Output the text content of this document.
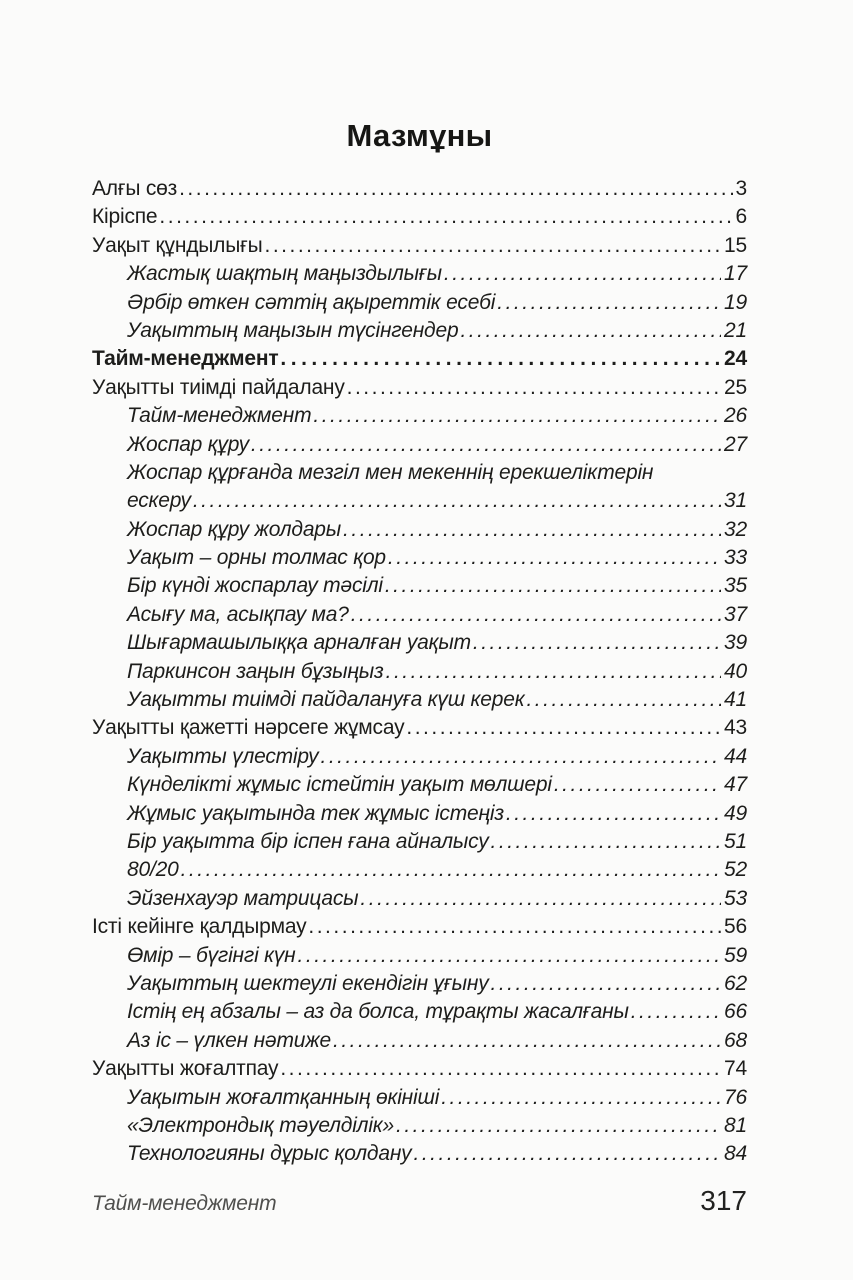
Мазмұны
Алғы сөз .....	3
Кіріспе .....	6
Уақыт құндылығы .....	15
Жастық шақтың маңыздылығы .....	17
Әрбір өткен сәттің ақыреттік есебі .....	19
Уақыттың маңызын түсінгендер .....	21
Тайм-менеджмент .....	24
Уақытты тиімді пайдалану .....	25
Тайм-менеджмент .....	26
Жоспар құру .....	27
Жоспар құрғанда мезгіл мен мекеннің ерекшеліктерін
ескеру .....	31
Жоспар құру жолдары .....	32
Уақыт – орны толмас қор .....	33
Бір күнді жоспарлау тәсілі .....	35
Асығу ма, асықпау ма? .....	37
Шығармашылыққа арналған уақыт .....	39
Паркинсон заңын бұзыңыз .....	40
Уақытты тиімді пайдалануға күш керек .....	41
Уақытты қажетті нәрсеге жұмсау .....	43
Уақытты үлестіру .....	44
Күнделікті жұмыс істейтін уақыт мөлшері .....	47
Жұмыс уақытында тек жұмыс істеңіз .....	49
Бір уақытта бір іспен ғана айналысу .....	51
80/20 .....	52
Эйзенхауэр матрицасы .....	53
Істі кейінге қалдырмау .....	56
Өмір – бүгінгі күн .....	59
Уақыттың шектеулі екендігін ұғыну .....	62
Істің ең абзалы – аз да болса, тұрақты жасалғаны .....	66
Аз іс – үлкен нәтиже .....	68
Уақытты жоғалтпау .....	74
Уақытын жоғалтқанның өкініші .....	76
«Электрондық тәуелділік» .....	81
Технологияны дұрыс қолдану .....	84
Тайм-менеджмент	317
